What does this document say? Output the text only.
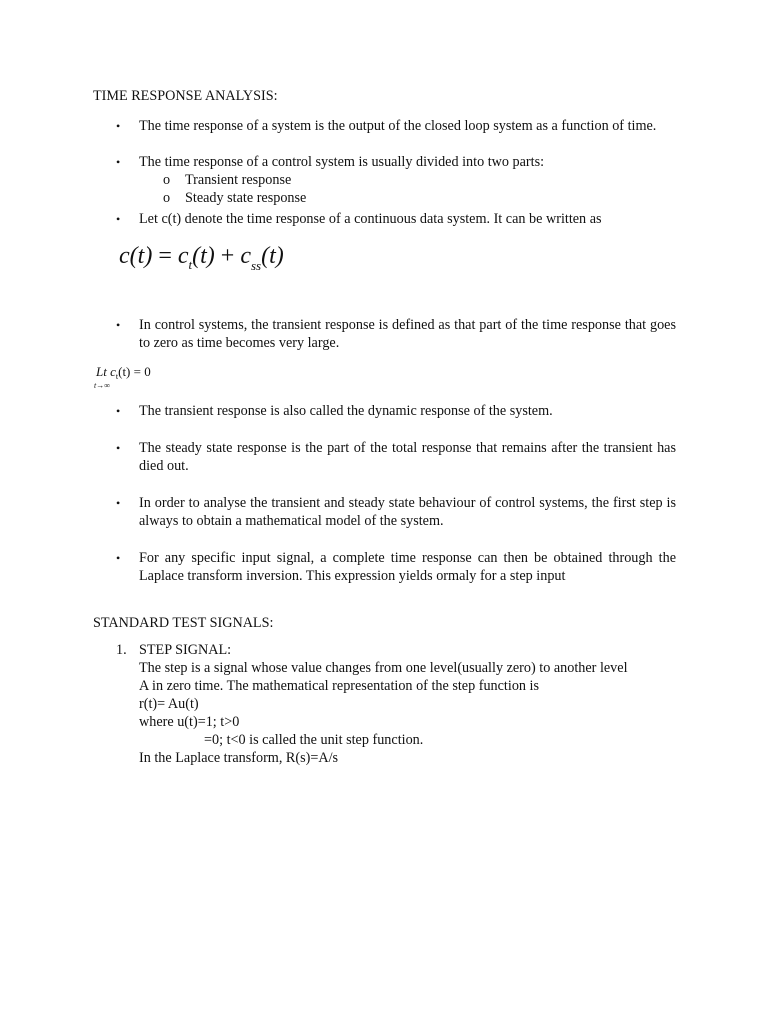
TIME RESPONSE ANALYSIS:
• The time response of a system is the output of the closed loop system as a function of time.
• The time response of a control system is usually divided into two parts:
o Transient response
o Steady state response
• Let c(t) denote the time response of a continuous data system. It can be written as
$c(t) = c_t(t) + c_{ss}(t)$
• In control systems, the transient response is defined as that part of the time response that goes to zero as time becomes very large.
Lt
t→∞
$c_t(t) = 0$
• The transient response is also called the dynamic response of the system.
• The steady state response is the part of the total response that remains after the transient has died out.
• In order to analyse the transient and steady state behaviour of control systems, the first step is always to obtain a mathematical model of the system.
• For any specific input signal, a complete time response can then be obtained through the Laplace transform inversion. This expression yields ormaly for a step input
STANDARD TEST SIGNALS:
1. STEP SIGNAL:
The step is a signal whose value changes from one level(usually zero) to another level
A in zero time. The mathematical representation of the step function is
r(t)= Au(t)
where u(t)=1; t>0
=0; t<0 is called the unit step function.
In the Laplace transform, R(s)=A/s
